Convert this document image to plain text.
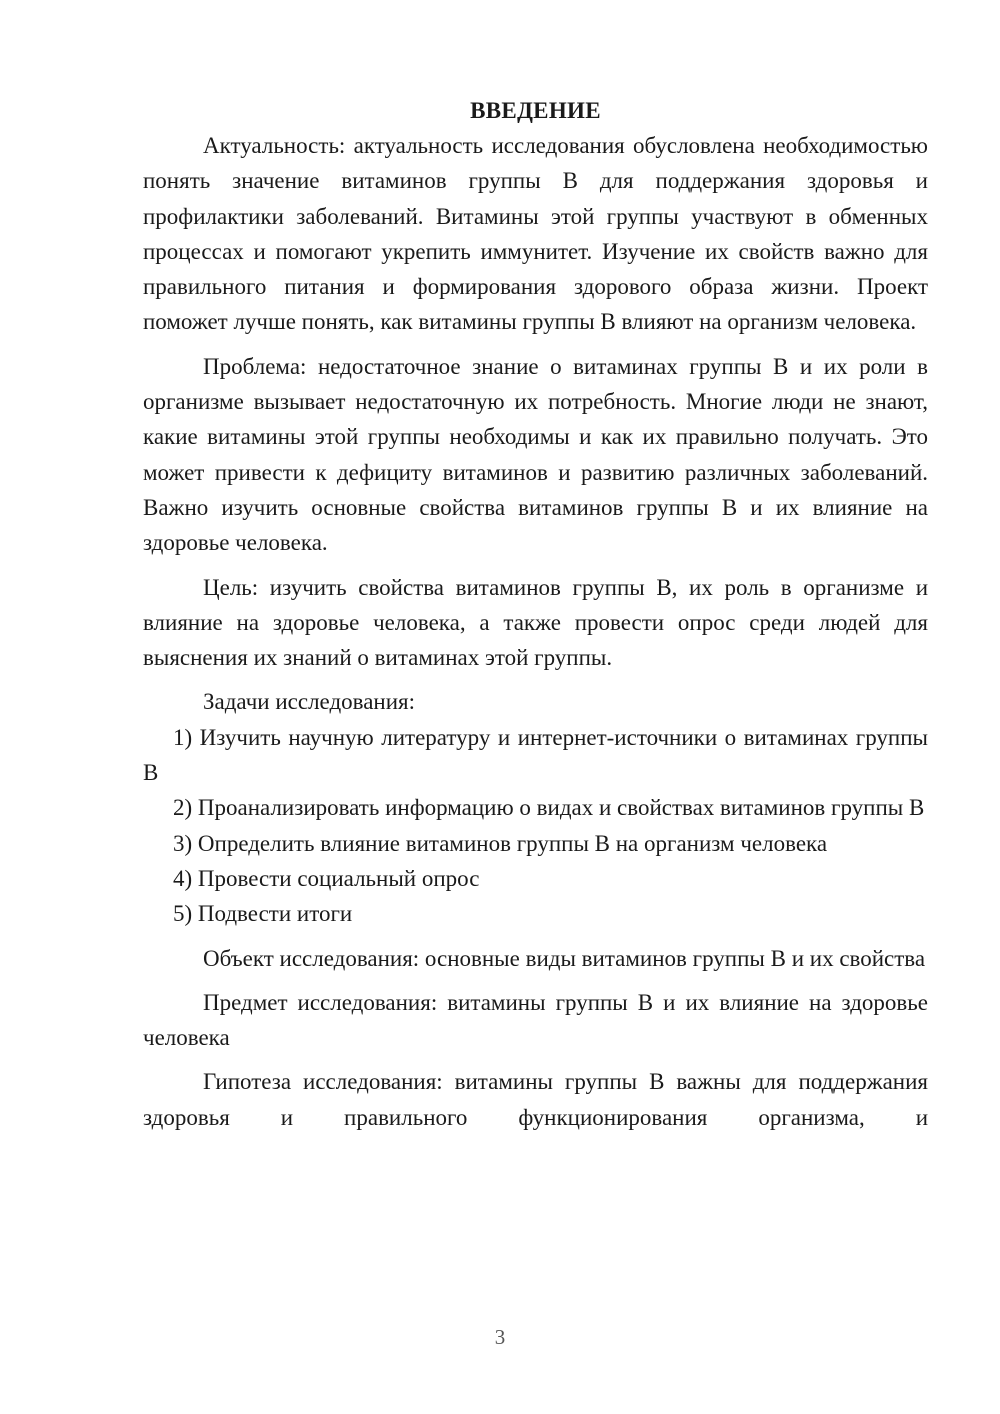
ВВЕДЕНИЕ

Актуальность: актуальность исследования обусловлена необходимостью понять значение витаминов группы В для поддержания здоровья и профилактики заболеваний. Витамины этой группы участвуют в обменных процессах и помогают укрепить иммунитет. Изучение их свойств важно для правильного питания и формирования здорового образа жизни. Проект поможет лучше понять, как витамины группы В влияют на организм человека.

Проблема: недостаточное знание о витаминах группы В и их роли в организме вызывает недостаточную их потребность. Многие люди не знают, какие витамины этой группы необходимы и как их правильно получать. Это может привести к дефициту витаминов и развитию различных заболеваний. Важно изучить основные свойства витаминов группы В и их влияние на здоровье человека.

Цель: изучить свойства витаминов группы В, их роль в организме и влияние на здоровье человека, а также провести опрос среди людей для выяснения их знаний о витаминах этой группы.

Задачи исследования:

1) Изучить научную литературу и интернет-источники о витаминах группы В

2) Проанализировать информацию о видах и свойствах витаминов группы В

3) Определить влияние витаминов группы В на организм человека

4) Провести социальный опрос

5) Подвести итоги

Объект исследования: основные виды витаминов группы В и их свойства

Предмет исследования: витамины группы В и их влияние на здоровье человека

Гипотеза исследования: витамины группы В важны для поддержания здоровья и правильного функционирования организма, и

3
